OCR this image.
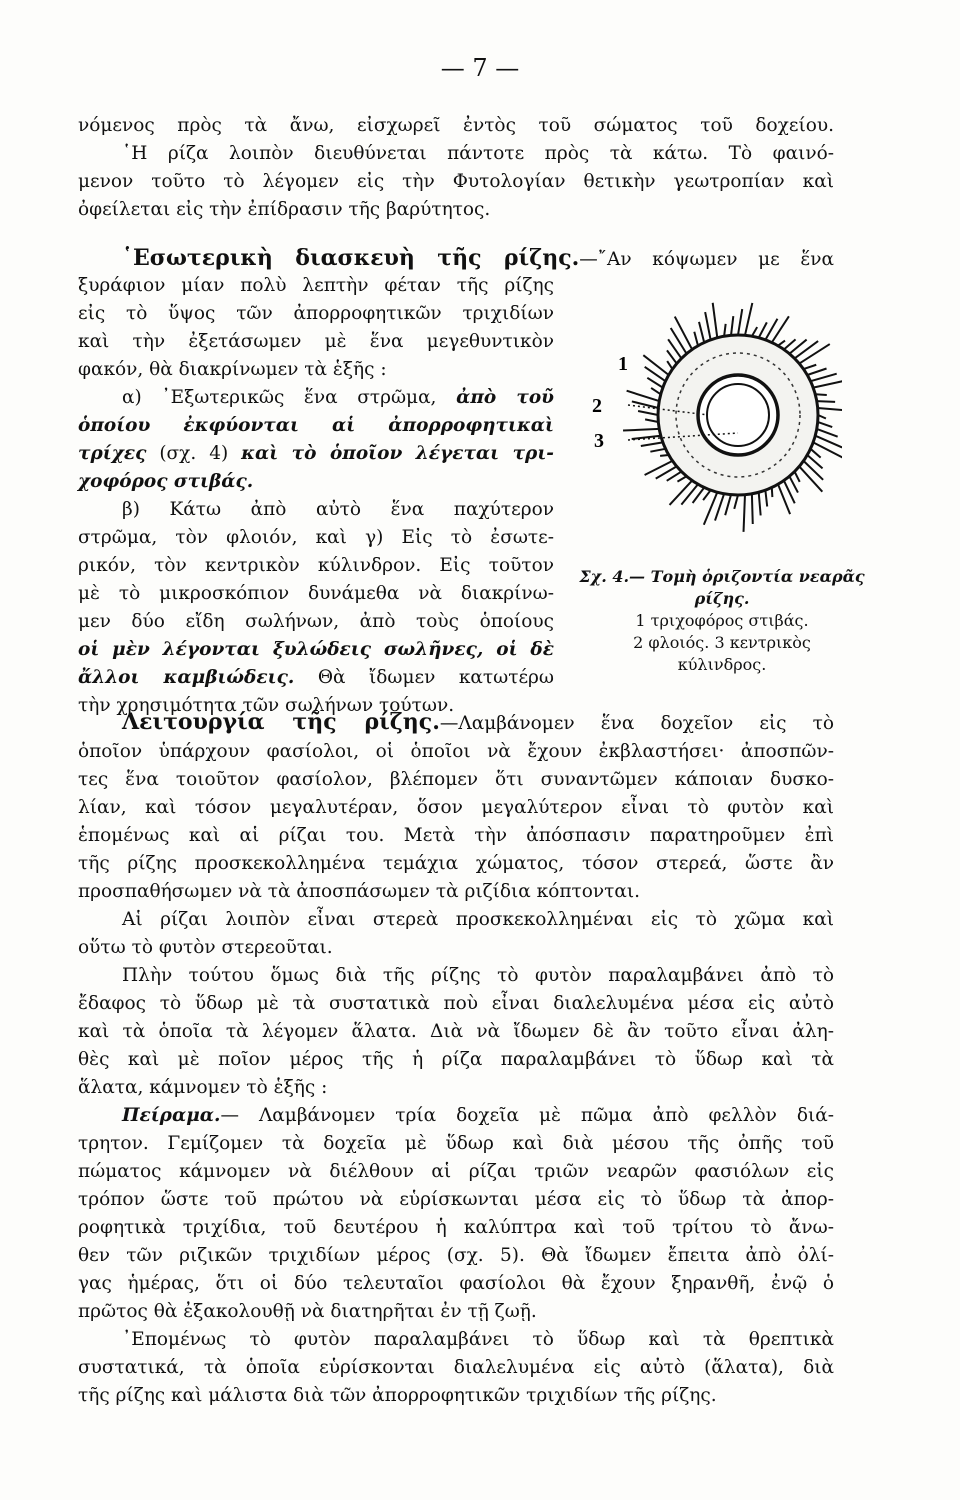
— 7 —
νόμενος πρὸς τὰ ἄνω, εἰσχωρεῖ ἐντὸς τοῦ σώματος τοῦ δοχείου.
῾Η ρίζα λοιπὸν διευθύνεται πάντοτε πρὸς τὰ κάτω. Τὸ φαινό-
μενον τοῦτο τὸ λέγομεν εἰς τὴν Φυτολογίαν θετικὴν γεωτροπίαν καὶ
ὀφείλεται εἰς τὴν ἐπίδρασιν τῆς βαρύτητος.
῾Εσωτερικὴ διασκευὴ τῆς ρίζης.—῎Αν κόψωμεν με ἕνα
ξυράφιον μίαν πολὺ λεπτὴν φέταν τῆς ρίζης
εἰς τὸ ὕψος τῶν ἀπορροφητικῶν τριχιδίων
καὶ τὴν ἐξετάσωμεν μὲ ἕνα μεγεθυντικὸν
φακόν, θὰ διακρίνωμεν τὰ ἑξῆς :
α) ᾿Εξωτερικῶς ἕνα στρῶμα, ἀπὸ τοῦ
ὁποίου ἐκφύονται αἱ ἀπορροφητικαὶ
τρίχες (σχ. 4) καὶ τὸ ὁποῖον λέγεται τρι-
χοφόρος στιβάς.
β) Κάτω ἀπὸ αὐτὸ ἕνα παχύτερον
στρῶμα, τὸν φλοιόν, καὶ γ) Εἰς τὸ ἐσωτε-
ρικόν, τὸν κεντρικὸν κύλινδρον. Εἰς τοῦτον
μὲ τὸ μικροσκόπιον δυνάμεθα νὰ διακρίνω-
μεν δύο εἴδη σωλήνων, ἀπὸ τοὺς ὁποίους
οἱ μὲν λέγονται ξυλώδεις σωλῆνες, οἱ δὲ
ἄλλοι καμβιώδεις. Θὰ ἴδωμεν κατωτέρω
τὴν χρησιμότητα τῶν σωλήνων τούτων.
1
2
3
Σχ. 4.— Τομὴ ὁριζοντία νεαρᾶς ρίζης.
1 τριχοφόρος στιβάς.
2 φλοιός. 3 κεντρικὸς
κύλινδρος.
Λειτουργία τῆς ρίζης.—Λαμβάνομεν ἕνα δοχεῖον εἰς τὸ
ὁποῖον ὑπάρχουν φασίολοι, οἱ ὁποῖοι νὰ ἔχουν ἐκβλαστήσει· ἀποσπῶν-
τες ἕνα τοιοῦτον φασίολον, βλέπομεν ὅτι συναντῶμεν κάποιαν δυσκο-
λίαν, καὶ τόσον μεγαλυτέραν, ὅσον μεγαλύτερον εἶναι τὸ φυτὸν καὶ
ἑπομένως καὶ αἱ ρίζαι του. Μετὰ τὴν ἀπόσπασιν παρατηροῦμεν ἐπὶ
τῆς ρίζης προσκεκολλημένα τεμάχια χώματος, τόσον στερεά, ὥστε ἂν
προσπαθήσωμεν νὰ τὰ ἀποσπάσωμεν τὰ ριζίδια κόπτονται.
Αἱ ρίζαι λοιπὸν εἶναι στερεὰ προσκεκολλημέναι εἰς τὸ χῶμα καὶ
οὕτω τὸ φυτὸν στερεοῦται.
Πλὴν τούτου ὅμως διὰ τῆς ρίζης τὸ φυτὸν παραλαμβάνει ἀπὸ τὸ
ἔδαφος τὸ ὕδωρ μὲ τὰ συστατικὰ ποὺ εἶναι διαλελυμένα μέσα εἰς αὐτὸ
καὶ τὰ ὁποῖα τὰ λέγομεν ἅλατα. Διὰ νὰ ἴδωμεν δὲ ἂν τοῦτο εἶναι ἀλη-
θὲς καὶ μὲ ποῖον μέρος τῆς ἡ ρίζα παραλαμβάνει τὸ ὕδωρ καὶ τὰ
ἅλατα, κάμνομεν τὸ ἑξῆς :
Πείραμα.— Λαμβάνομεν τρία δοχεῖα μὲ πῶμα ἀπὸ φελλὸν διά-
τρητον. Γεμίζομεν τὰ δοχεῖα μὲ ὕδωρ καὶ διὰ μέσου τῆς ὀπῆς τοῦ
πώματος κάμνομεν νὰ διέλθουν αἱ ρίζαι τριῶν νεαρῶν φασιόλων εἰς
τρόπον ὥστε τοῦ πρώτου νὰ εὑρίσκωνται μέσα εἰς τὸ ὕδωρ τὰ ἀπορ-
ροφητικὰ τριχίδια, τοῦ δευτέρου ἡ καλύπτρα καὶ τοῦ τρίτου τὸ ἄνω-
θεν τῶν ριζικῶν τριχιδίων μέρος (σχ. 5). Θὰ ἴδωμεν ἔπειτα ἀπὸ ὀλί-
γας ἡμέρας, ὅτι οἱ δύο τελευταῖοι φασίολοι θὰ ἔχουν ξηρανθῆ, ἐνῷ ὁ
πρῶτος θὰ ἐξακολουθῇ νὰ διατηρῆται ἐν τῇ ζωῇ.
᾿Επομένως τὸ φυτὸν παραλαμβάνει τὸ ὕδωρ καὶ τὰ θρεπτικὰ
συστατικά, τὰ ὁποῖα εὑρίσκονται διαλελυμένα εἰς αὐτὸ (ἅλατα), διὰ
τῆς ρίζης καὶ μάλιστα διὰ τῶν ἀπορροφητικῶν τριχιδίων τῆς ρίζης.
